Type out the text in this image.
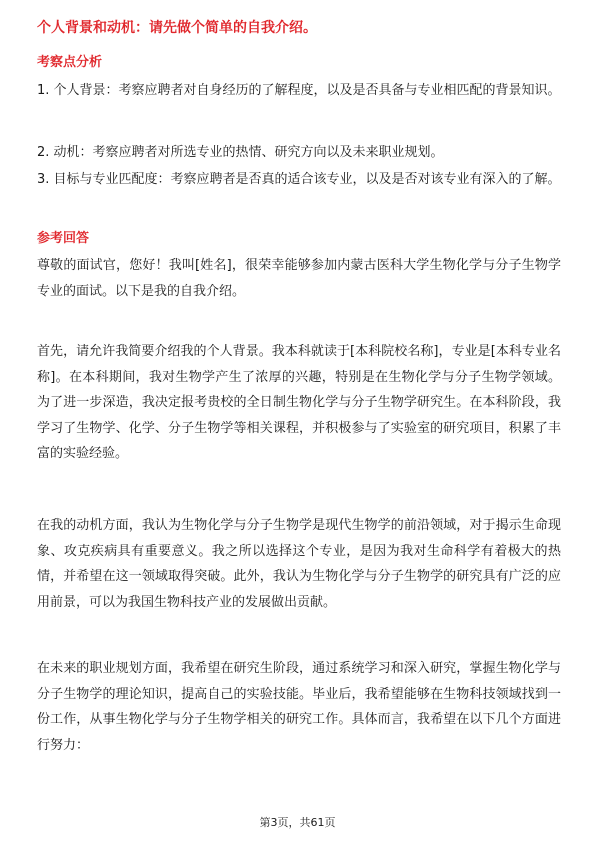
个人背景和动机：请先做个简单的自我介绍。
考察点分析

1. 个人背景：考察应聘者对自身经历的了解程度，以及是否具备与专业相匹配的背景知识。

2. 动机：考察应聘者对所选专业的热情、研究方向以及未来职业规划。

3. 目标与专业匹配度：考察应聘者是否真的适合该专业，以及是否对该专业有深入的了解。

参考回答

尊敬的面试官，您好！我叫[姓名]，很荣幸能够参加内蒙古医科大学生物化学与分子生物学专业的面试。以下是我的自我介绍。

首先，请允许我简要介绍我的个人背景。我本科就读于[本科院校名称]，专业是[本科专业名称]。在本科期间，我对生物学产生了浓厚的兴趣，特别是在生物化学与分子生物学领域。为了进一步深造，我决定报考贵校的全日制生物化学与分子生物学研究生。在本科阶段，我学习了生物学、化学、分子生物学等相关课程，并积极参与了实验室的研究项目，积累了丰富的实验经验。

在我的动机方面，我认为生物化学与分子生物学是现代生物学的前沿领域，对于揭示生命现象、攻克疾病具有重要意义。我之所以选择这个专业，是因为我对生命科学有着极大的热情，并希望在这一领域取得突破。此外，我认为生物化学与分子生物学的研究具有广泛的应用前景，可以为我国生物科技产业的发展做出贡献。

在未来的职业规划方面，我希望在研究生阶段，通过系统学习和深入研究，掌握生物化学与分子生物学的理论知识，提高自己的实验技能。毕业后，我希望能够在生物科技领域找到一份工作，从事生物化学与分子生物学相关的研究工作。具体而言，我希望在以下几个方面进行努力：

第3页，共61页
